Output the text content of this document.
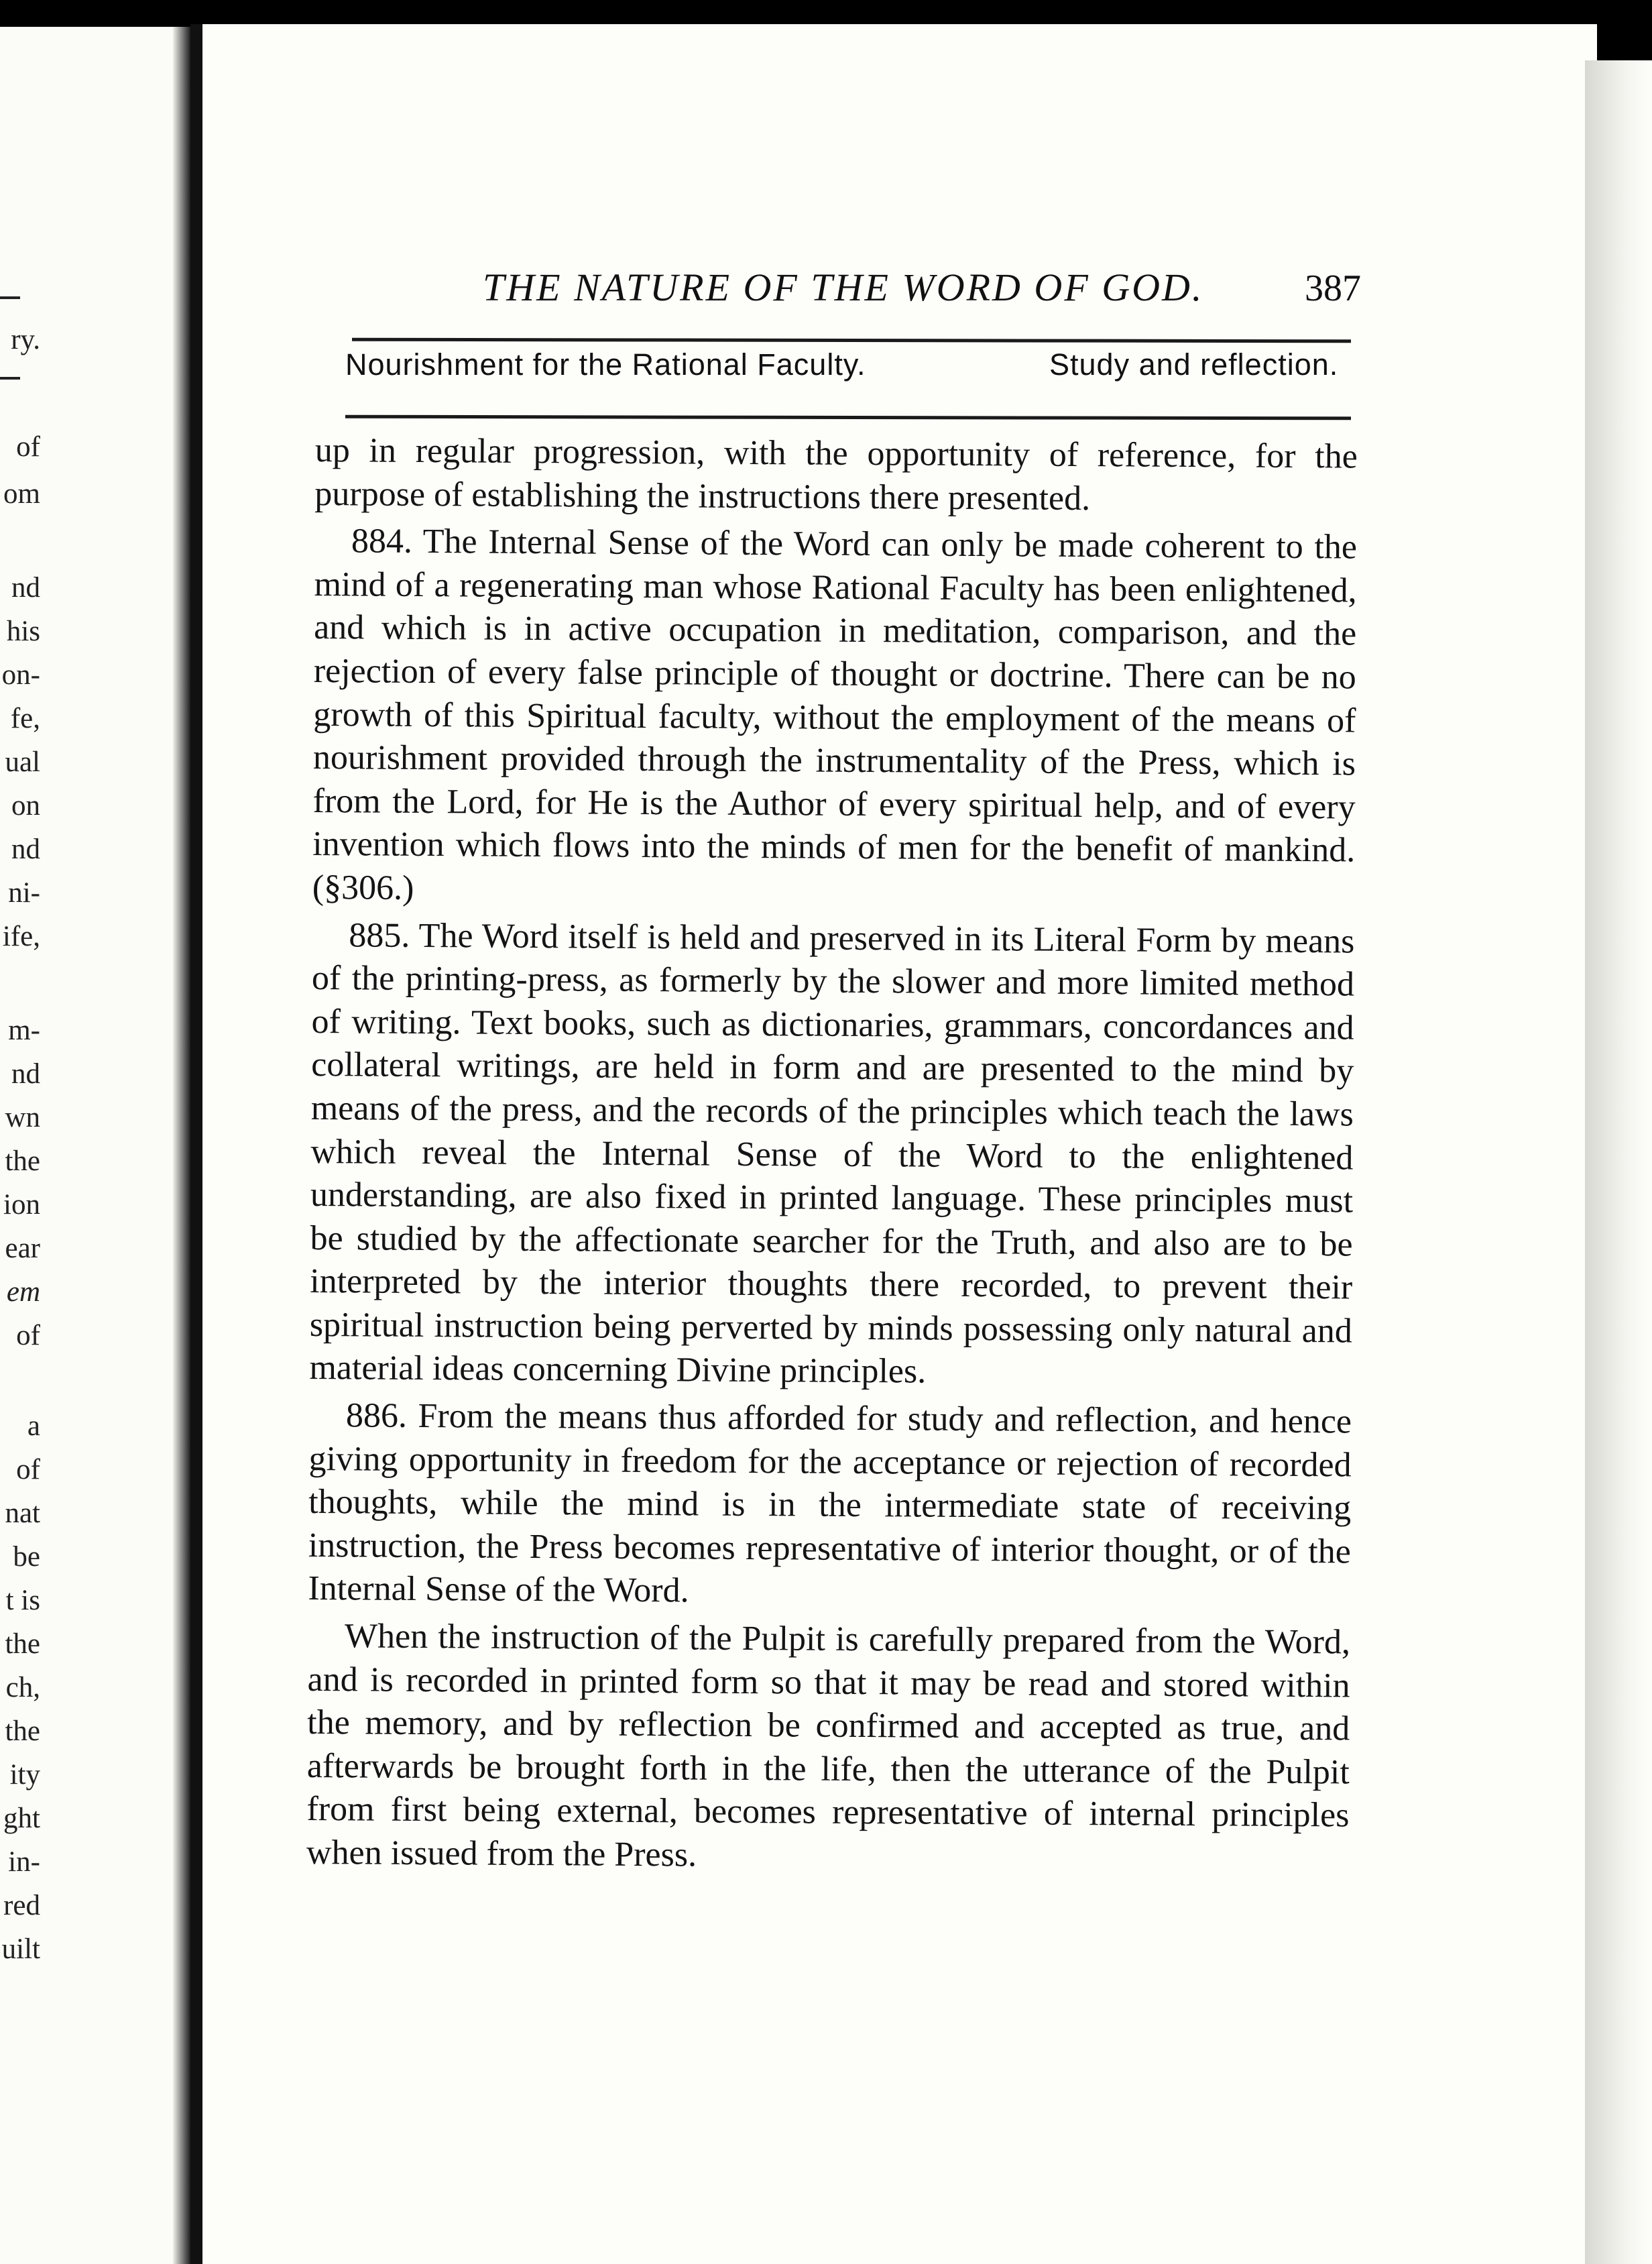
ry.
of
om
nd
his
on-
fe,
ual
on
nd
ni-
ife,
m-
nd
wn
the
ion
ear
em
of
a
of
nat
be
t is
the
ch,
the
ity
ght
in-
red
uilt
THE NATURE OF THE WORD OF GOD.	387
Nourishment for the Rational Faculty.	Study and reflection.

up in regular progression, with the opportunity of reference, for the purpose of establishing the instructions there presented.

884. The Internal Sense of the Word can only be made coherent to the mind of a regenerating man whose Rational Faculty has been enlightened, and which is in active occupation in meditation, comparison, and the rejection of every false principle of thought or doctrine. There can be no growth of this Spiritual faculty, without the employment of the means of nourishment provided through the instrumentality of the Press, which is from the Lord, for He is the Author of every spiritual help, and of every invention which flows into the minds of men for the benefit of mankind. (§306.)

885. The Word itself is held and preserved in its Literal Form by means of the printing-press, as formerly by the slower and more limited method of writing. Text books, such as dictionaries, grammars, concordances and collateral writings, are held in form and are presented to the mind by means of the press, and the records of the principles which teach the laws which reveal the Internal Sense of the Word to the enlightened understanding, are also fixed in printed language. These principles must be studied by the affectionate searcher for the Truth, and also are to be interpreted by the interior thoughts there recorded, to prevent their spiritual instruction being perverted by minds possessing only natural and material ideas concerning Divine principles.

886. From the means thus afforded for study and reflection, and hence giving opportunity in freedom for the acceptance or rejection of recorded thoughts, while the mind is in the intermediate state of receiving instruction, the Press becomes representative of interior thought, or of the Internal Sense of the Word.

When the instruction of the Pulpit is carefully prepared from the Word, and is recorded in printed form so that it may be read and stored within the memory, and by reflection be confirmed and accepted as true, and afterwards be brought forth in the life, then the utterance of the Pulpit from first being external, becomes representative of internal principles when issued from the Press.
